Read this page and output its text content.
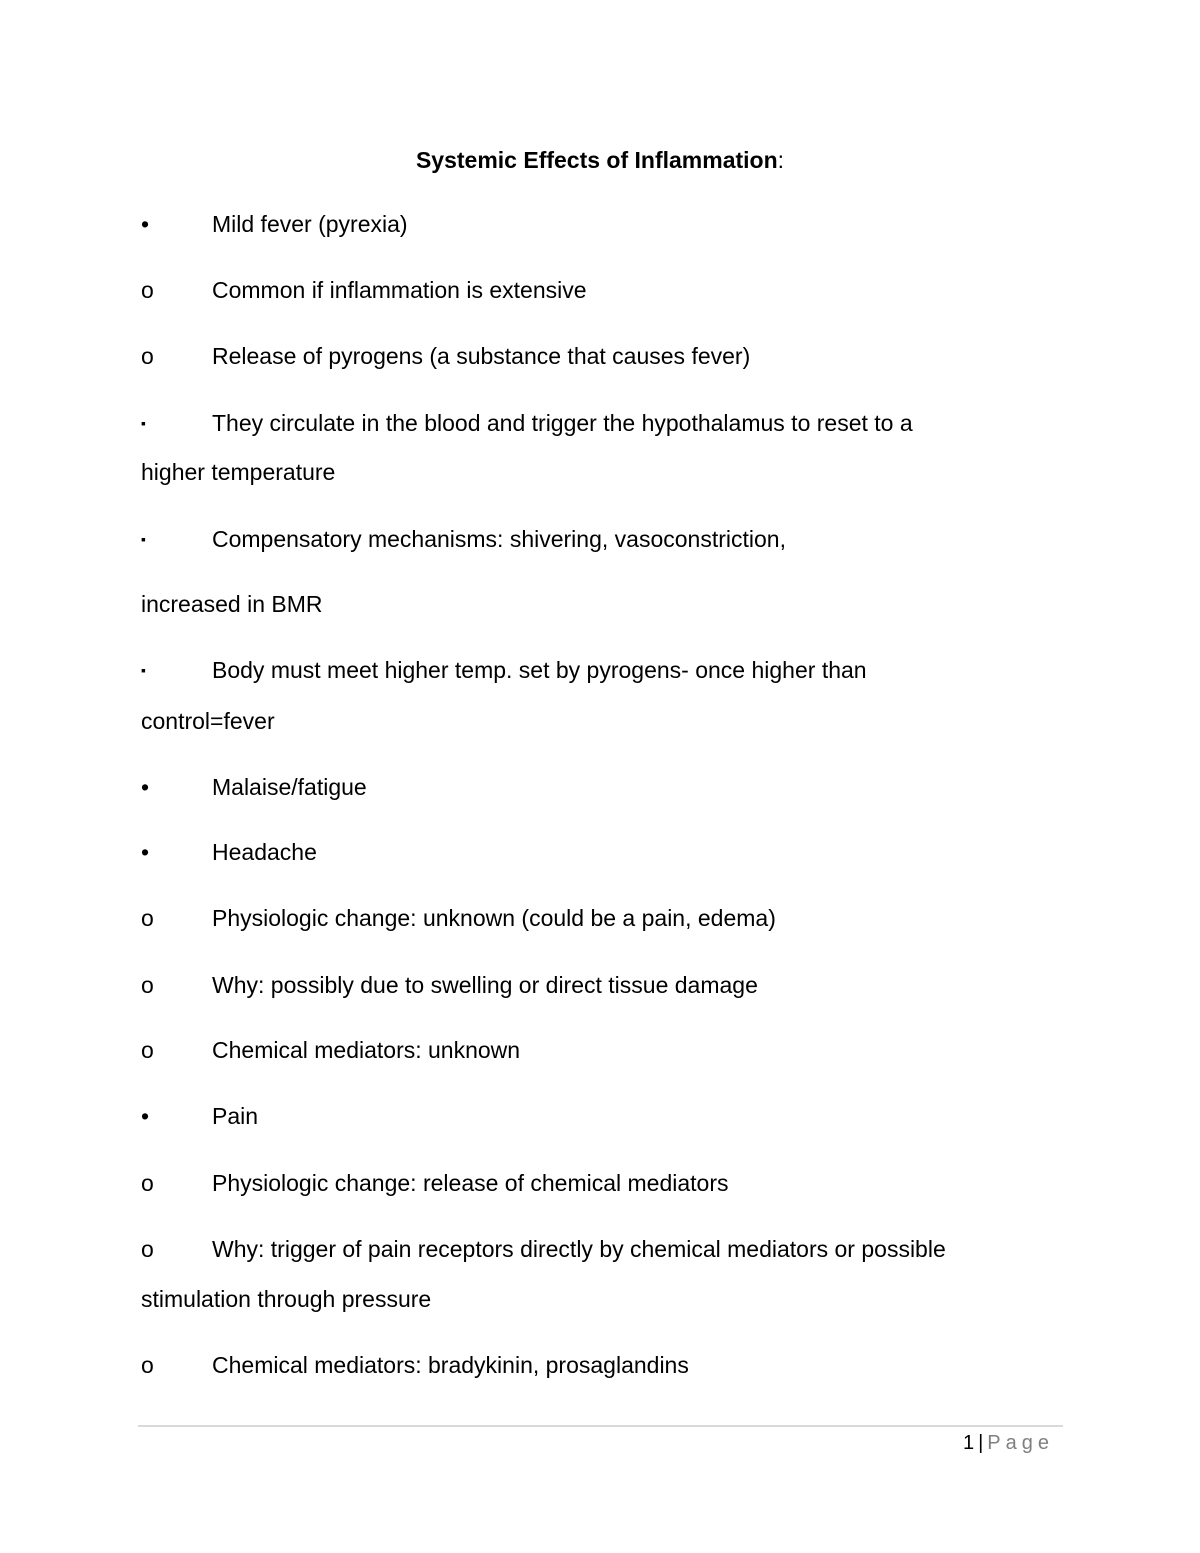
Systemic Effects of Inflammation:
•	Mild fever (pyrexia)
o	Common if inflammation is extensive
o	Release of pyrogens (a substance that causes fever)
▪	They circulate in the blood and trigger the hypothalamus to reset to a
higher temperature
▪	Compensatory mechanisms: shivering, vasoconstriction,
increased in BMR
▪	Body must meet higher temp. set by pyrogens- once higher than
control=fever
•	Malaise/fatigue
•	Headache
o	Physiologic change: unknown (could be a pain, edema)
o	Why: possibly due to swelling or direct tissue damage
o	Chemical mediators: unknown
•	Pain
o	Physiologic change: release of chemical mediators
o	Why: trigger of pain receptors directly by chemical mediators or possible
stimulation through pressure
o	Chemical mediators: bradykinin, prosaglandins
1 | Page
